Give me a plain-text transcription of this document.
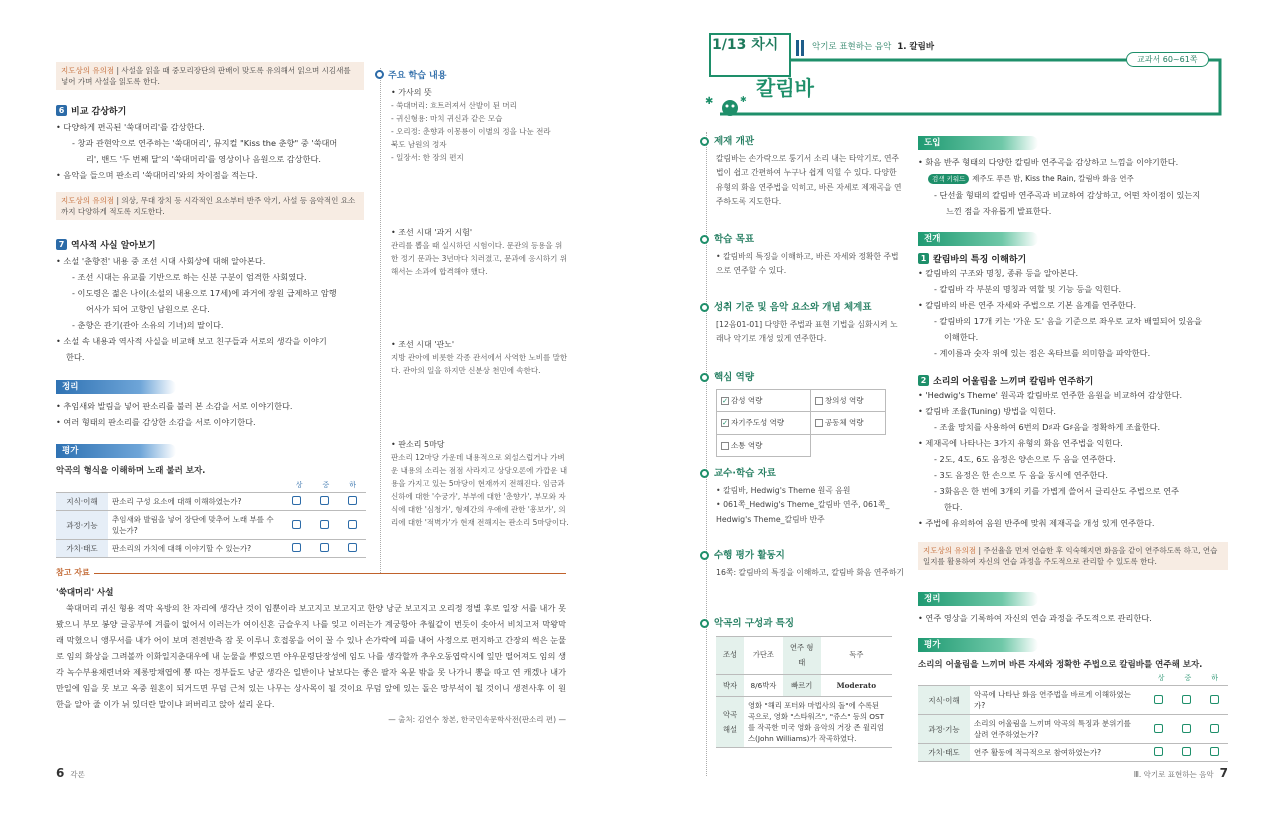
지도상의 유의점 | 사설을 읽을 때 중모리장단의 판배이 맞도록 유의해서 읽으며 시김새를 넣어 가며 사설을 읽도록 한다.
6 비교 감상하기
• 다양하게 편곡된 '쑥대머리'를 감상한다.
- 창과 관현악으로 연주하는 '쑥대머리', 뮤지컬 "Kiss the 춘향" 중 '쑥대머
리', 밴드 '두 번째 달'의 '쑥대머리'를 영상이나 음원으로 감상한다.
• 음악을 들으며 판소리 '쑥대머리'와의 차이점을 적는다.
지도상의 유의점 | 의상, 무대 장치 등 시각적인 요소부터 반주 악기, 사설 등 음악적인 요소까지 다양하게 적도록 지도한다.
7 역사적 사실 알아보기
• 소설 '춘향전' 내용 중 조선 시대 사회상에 대해 알아본다.
- 조선 시대는 유교를 기반으로 하는 신분 구분이 엄격한 사회였다.
- 이도령은 젊은 나이(소설의 내용으로 17세)에 과거에 장원 급제하고 암행
어사가 되어 고향인 남원으로 온다.
- 춘향은 관기(관아 소유의 기녀)의 딸이다.
• 소설 속 내용과 역사적 사실을 비교해 보고 친구들과 서로의 생각을 이야기
한다.
정리
• 추임새와 발림을 넣어 판소리를 불러 본 소감을 서로 이야기한다.
• 여러 형태의 판소리를 감상한 소감을 서로 이야기한다.
평가
악곡의 형식을 이해하며 노래 불러 보자.
상	중	하
지식·이해	판소리 구성 요소에 대해 이해하였는가?			
과정·기능	추임새와 발림을 넣어 장단에 맞추어 노래 부를 수 있는가?			
가치·태도	판소리의 가치에 대해 이야기할 수 있는가?			
참고 자료
'쑥대머리' 사설
쑥대머리 귀신 형용 적막 옥방의 찬 자리에 생각난 것이 임뿐이라 보고지고 보고지고 한양 낭군 보고지고 오리정 정별 후로 일장 서를 내가 못 봤으니 부모 봉양 글공부에 겨를이 없어서 이러는가 여이신혼 금슬우지 나를 잊고 이러는가 계궁항아 추월같이 번듯이 솟아서 비치고저 막왕막래 막혔으니 앵무서를 내가 어이 보며 전전반측 잠 못 이루니 호접몽을 어이 꿀 수 있나 손가락에 피를 내어 사정으로 편지하고 간장의 썩은 눈물로 임의 화상을 그려볼까 이화일지춘대우에 내 눈물을 뿌렸으면 야우문령단장성에 임도 나를 생각할까 추우오동엽락시에 잎만 떨어져도 임의 생각 녹수부용채련녀와 제롱망채엽에 뽕 따는 정부들도 낭군 생각은 일반이나 날보다는 좋은 팔자 옥문 밖을 못 나가니 뽕을 따고 연 캐겠나 내가 만일에 임을 못 보고 옥중 원혼이 되거드면 무덤 근처 있는 나무는 상사목이 될 것이요 무덤 앞에 있는 돌은 망부석이 될 것이니 생전사후 이 원한을 알아 줄 이가 뉘 있더란 말이냐 퍼버리고 앉아 설리 운다.
— 출처: 김연수 창본, 한국민속문학사전(판소리 편) —
주요 학습 내용
• 가사의 뜻
- 쑥대머리: 흐트러져서 산발이 된 머리
- 귀신형용: 마치 귀신과 같은 모습
- 오리정: 춘향과 이몽룡이 이별의 정을 나눈 전라
북도 남원의 정자
- 일장서: 한 장의 편지
• 조선 시대 '과거 시험'
관리를 뽑을 때 실시하던 시험이다. 문관의 등용을 위한 정기 문과는 3년마다 치러졌고, 문과에 응시하기 위해서는 소과에 합격해야 했다.
• 조선 시대 '관노'
지방 관아에 비롯한 각종 관서에서 사역한 노비를 말한다. 관아의 일을 하지만 신분상 천민에 속한다.
• 판소리 5마당
판소리 12마당 가운데 내용적으로 외설스럽거나 가벼운 내용의 소리는 점점 사라지고 상당오론에 가깝운 내용을 가지고 있는 5마당이 현재까지 전해진다. 임금과 신하에 대한 '수궁가', 부부에 대한 '춘향가', 부모와 자식에 대한 '심청가', 형제간의 우애에 관한 '흥보가', 의리에 대한 '적벽가'가 현재 전해지는 판소리 5마당이다.
6 각론
✱	✱
1/13 차시	악기로 표현하는 음악 1. 칼림바
교과서 60~61쪽
칼림바
제재 개관
칼림바는 손가락으로 퉁기서 소리 내는 타악기로, 연주법이 쉽고 간편하여 누구나 쉽게 익힐 수 있다. 다양한 유형의 화음 연주법을 익히고, 바른 자세로 제재곡을 연주하도록 지도한다.
학습 목표
• 칼림바의 특징을 이해하고, 바른 자세와 정확한 주법으로 연주할 수 있다.
성취 기준 및 음악 요소와 개념 체계표
[12음01-01] 다양한 주법과 표현 기법을 심화시켜 노래나 악기로 개성 있게 연주한다.
핵심 역량
✓ 감성 역량	창의성 역량
✓ 자기주도성 역량	공동체 역량
소통 역량	
교수·학습 자료
• 칼림바, Hedwig's Theme 원곡 음원
• 061쪽_Hedwig's Theme_칼림바 연주, 061쪽_
Hedwig's Theme_칼림바 반주
수행 평가 활동지
16쪽: 칼림바의 특징을 이해하고, 칼림바 화음 연주하기
악곡의 구성과 특징
조성	가단조	연주 형태	독주
박자	8/6박자	빠르기	Moderato
악곡 해설	영화 "해리 포터와 마법사의 돌"에 수록된 곡으로, 영화 "스타워즈", "쥬스" 등의 OST를 작곡한 미국 영화 음악의 거장 존 윌리엄스(John Williams)가 작곡하였다.		
도입
• 화음 반주 형태의 다양한 칼림바 연주곡을 감상하고 느낌을 이야기한다.
검색 키워드 제주도 푸른 밤, Kiss the Rain, 칼림바 화음 연주
- 단선율 형태의 칼림바 연주곡과 비교하여 감상하고, 어떤 차이점이 있는지
느낀 점을 자유롭게 발표한다.
전개
1 칼림바의 특징 이해하기
• 칼림바의 구조와 명칭, 종류 등을 알아본다.
- 칼림바 각 부분의 명칭과 역할 및 기능 등을 익힌다.
• 칼림바의 바른 연주 자세와 주법으로 기본 음계를 연주한다.
- 칼림바의 17개 키는 '가운 도' 음을 기준으로 좌우로 교차 배열되어 있음을
이해한다.
- 계이름과 숫자 위에 있는 점은 옥타브를 의미함을 파악한다.
2 소리의 어울림을 느끼며 칼림바 연주하기
• 'Hedwig's Theme' 원곡과 칼림바로 연주한 음원을 비교하여 감상한다.
• 칼림바 조율(Tuning) 방법을 익힌다.
- 조율 망치를 사용하여 6번의 D♯과 G♯음을 정확하게 조율한다.
• 제재곡에 나타나는 3가지 유형의 화음 연주법을 익힌다.
- 2도, 4도, 6도 음정은 양손으로 두 음을 연주한다.
- 3도 음정은 한 손으로 두 음을 동시에 연주한다.
- 3화음은 한 번에 3개의 키를 가볍게 쓸어서 글리산도 주법으로 연주
한다.
• 주법에 유의하여 음원 반주에 맞춰 제재곡을 개성 있게 연주한다.
지도상의 유의점 | 주선율을 먼저 연습한 후 익숙해지면 화음을 같이 연주하도록 하고, 연습 일지를 활용하여 자신의 연습 과정을 주도적으로 관리할 수 있도록 한다.
정리
• 연주 영상을 기록하여 자신의 연습 과정을 주도적으로 관리한다.
평가
소리의 어울림을 느끼며 바른 자세와 정확한 주법으로 칼림바를 연주해 보자.
상	중	하
지식·이해	악곡에 나타난 화음 연주법을 바르게 이해하였는가?			
과정·기능	소리의 어울림을 느끼며 악곡의 특징과 분위기를 살려 연주하였는가?			
가치·태도	연주 활동에 적극적으로 참여하였는가?			
Ⅲ. 악기로 표현하는 음악 7
